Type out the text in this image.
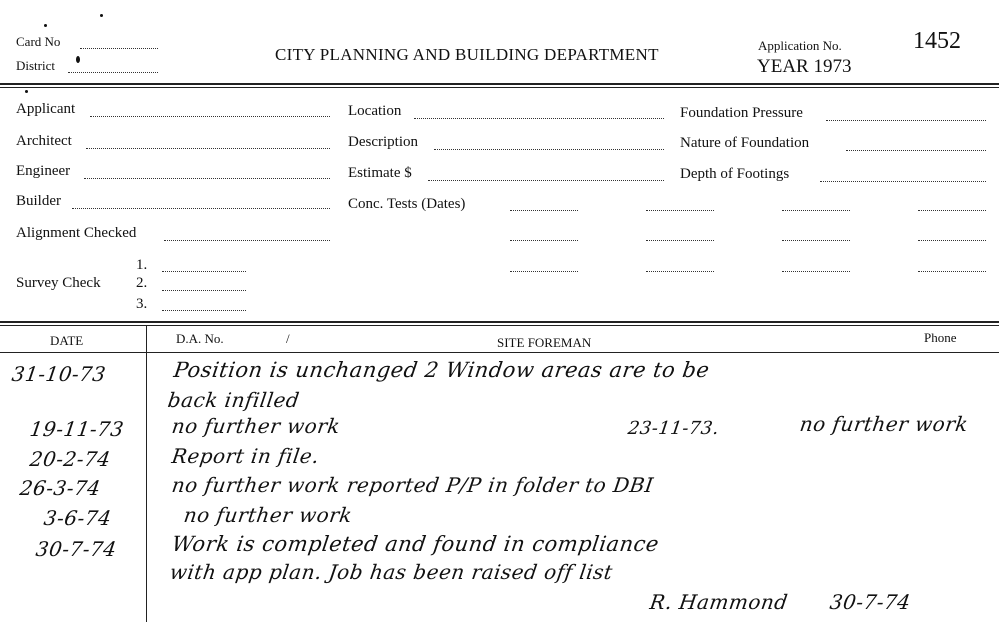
Card No
District
CITY PLANNING AND BUILDING DEPARTMENT	Application No.
YEAR 1973
1452
Applicant
Architect
Engineer
Builder
Alignment Checked
Survey Check
1.
2.
3.
Location
Description
Estimate $
Conc. Tests (Dates)
Foundation Pressure
Nature of Foundation
Depth of Footings
DATE	D.A. No.	/	SITE FOREMAN	Phone
31-10-73	Position is unchanged 2 Window areas are to be
back infilled
19-11-73 no further work	23-11-73.	no further work
20-2-74	Report in file.
26-3-74	no further work reported P/P in folder to DBI
3-6-74	no further work
30-7-74 Work is completed and found in compliance
with app plan. Job has been raised off list
R. Hammond 30-7-74
